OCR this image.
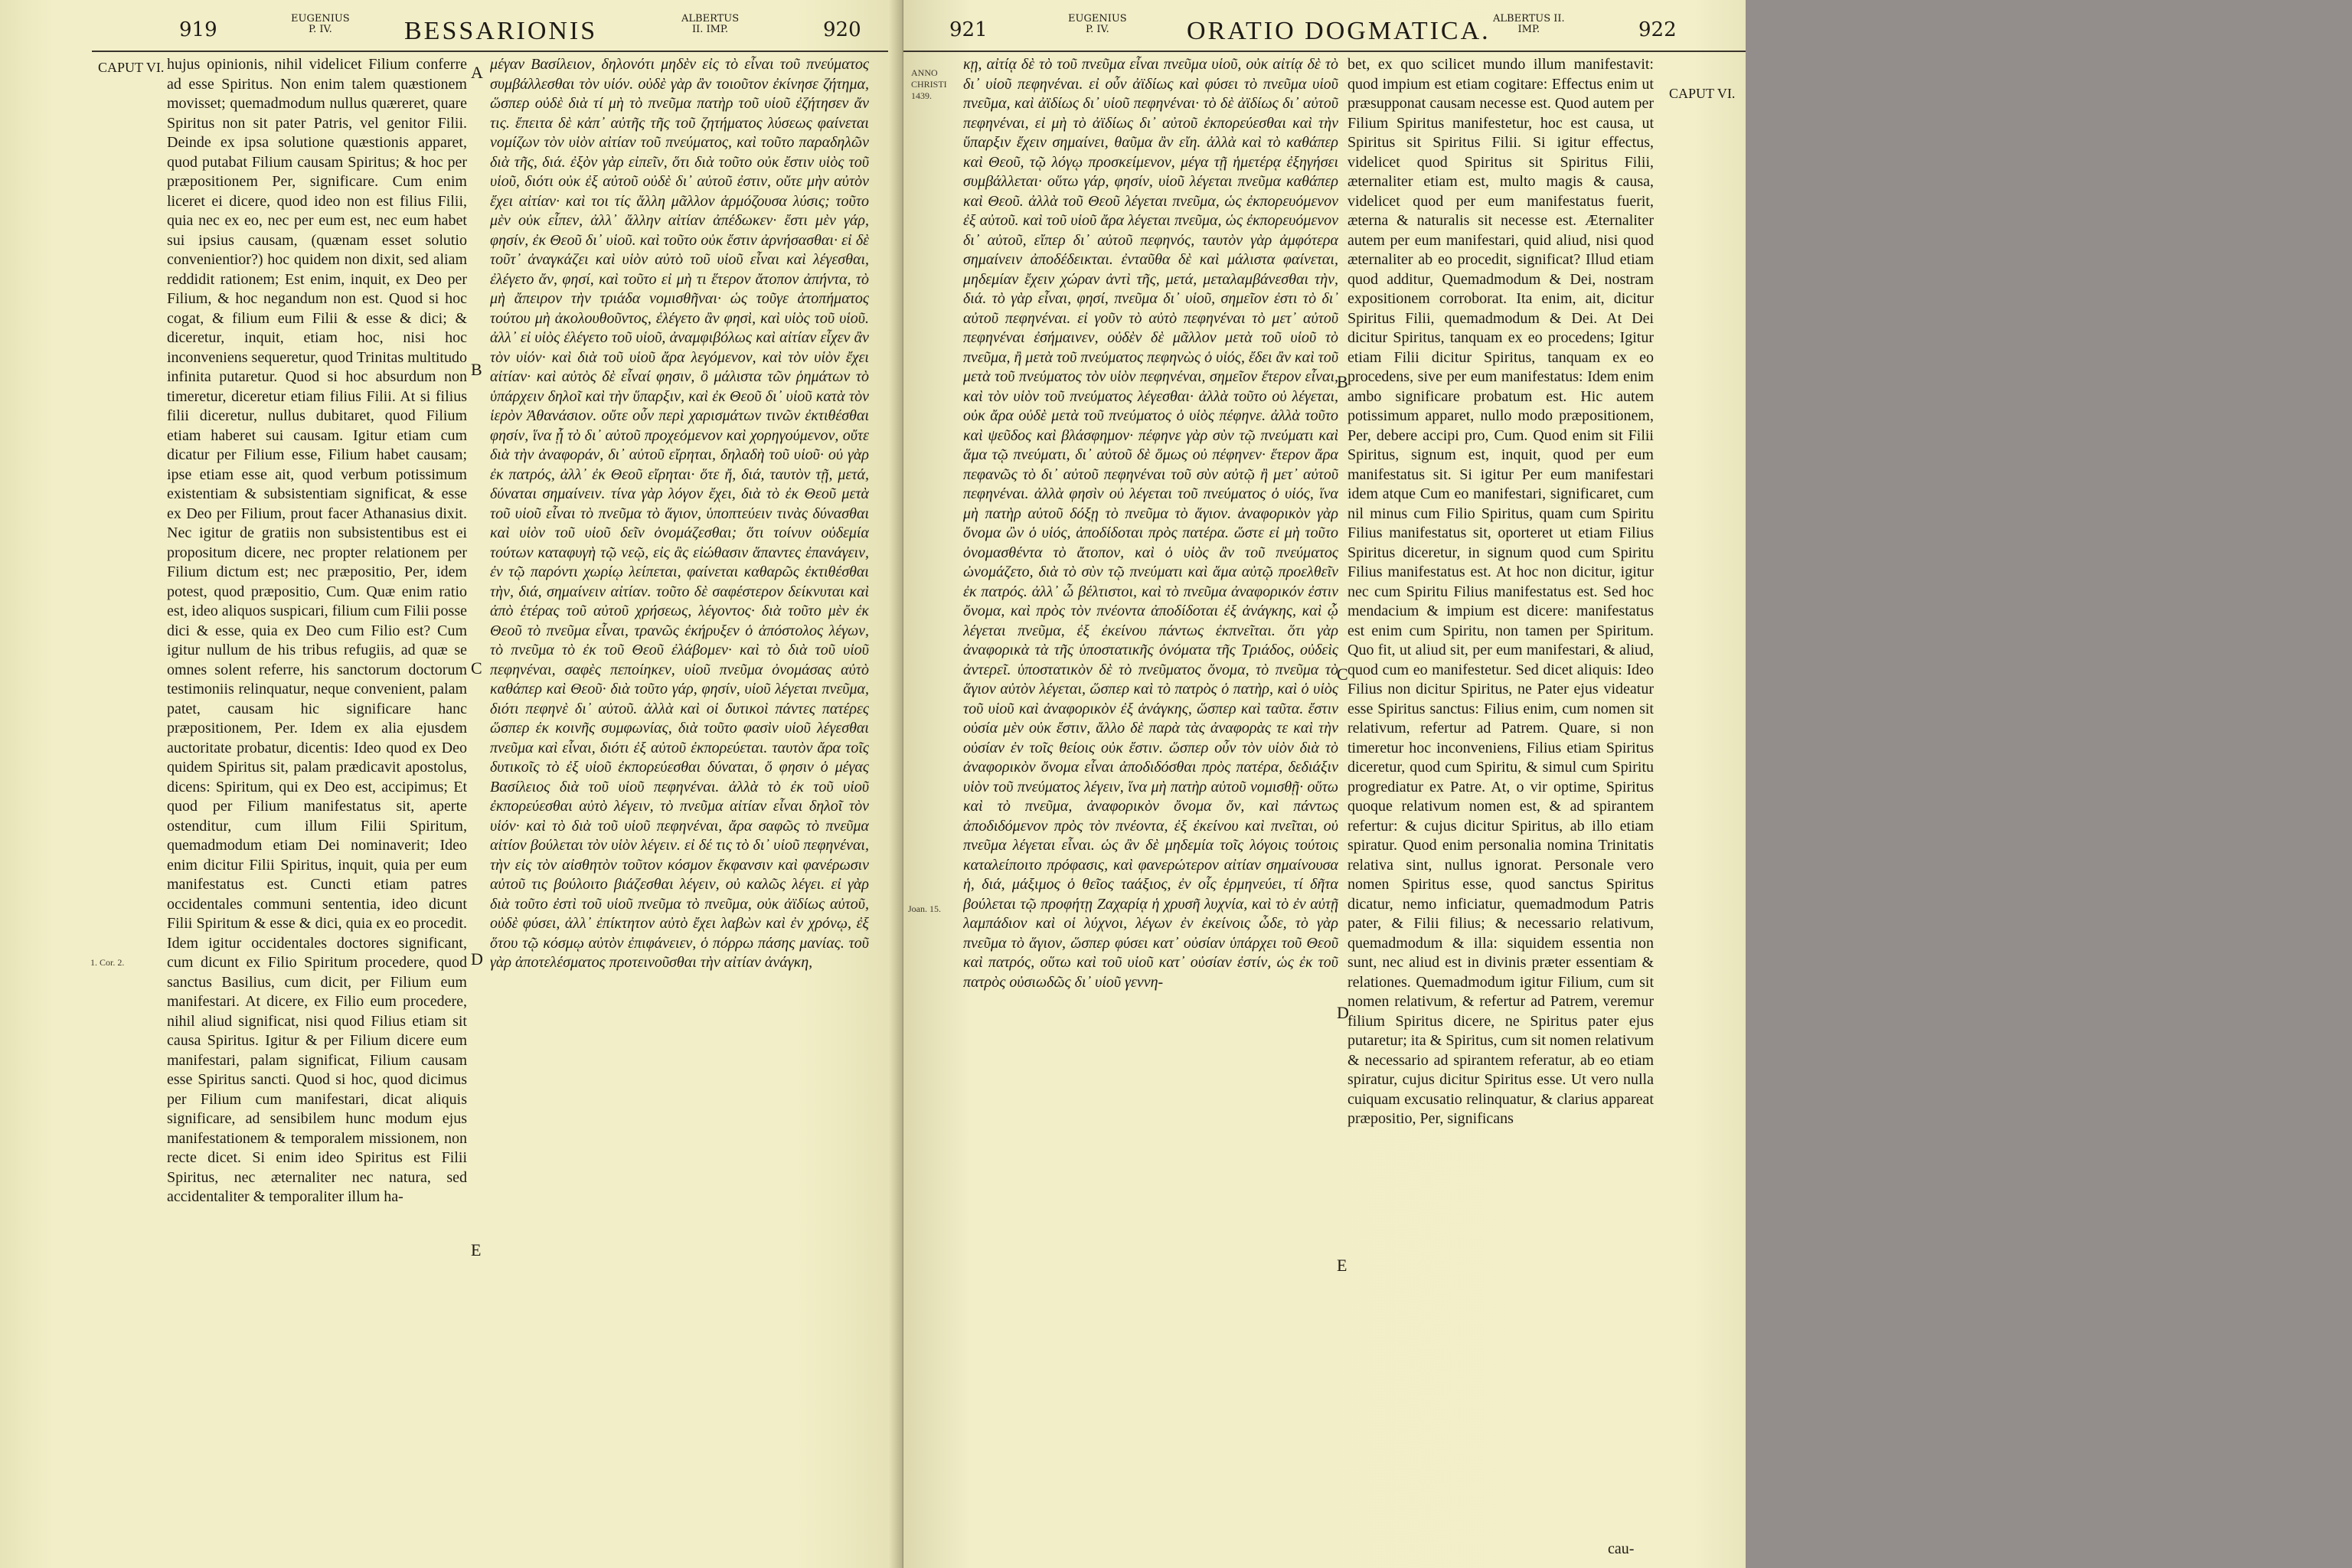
919	EUGENIUS
P. IV.	BESSARIONIS	ALBERTUS
II. IMP.	920
CAPUT VI.
1. Cor. 2.

hujus opinionis, nihil videlicet Filium conferre ad esse Spiritus. Non enim talem quæstionem movisset; quemadmodum nullus quæreret, quare Spiritus non sit pater Patris, vel genitor Filii. Deinde ex ipsa solutione quæstionis apparet, quod putabat Filium causam Spiritus; & hoc per præpositionem Per, significare. Cum enim liceret ei dicere, quod ideo non est filius Filii, quia nec ex eo, nec per eum est, nec eum habet sui ipsius causam, (quænam esset solutio convenientior?) hoc quidem non dixit, sed aliam reddidit rationem; Est enim, inquit, ex Deo per Filium, & hoc negandum non est. Quod si hoc cogat, & filium eum Filii & esse & dici; & diceretur, inquit, etiam hoc, nisi hoc inconveniens sequeretur, quod Trinitas multitudo infinita putaretur. Quod si hoc absurdum non timeretur, diceretur etiam filius Filii. At si filius filii diceretur, nullus dubitaret, quod Filium etiam haberet sui causam. Igitur etiam cum dicatur per Filium esse, Filium habet causam; ipse etiam esse ait, quod verbum potissimum existentiam & subsistentiam significat, & esse ex Deo per Filium, prout facer Athanasius dixit. Nec igitur de gratiis non subsistentibus est ei propositum dicere, nec propter relationem per Filium dictum est; nec præpositio, Per, idem potest, quod præpositio, Cum. Quæ enim ratio est, ideo aliquos suspicari, filium cum Filii posse dici & esse, quia ex Deo cum Filio est? Cum igitur nullum de his tribus refugiis, ad quæ se omnes solent referre, his sanctorum doctorum testimoniis relinquatur, neque convenient, palam patet, causam hic significare hanc præpositionem, Per. Idem ex alia ejusdem auctoritate probatur, dicentis: Ideo quod ex Deo quidem Spiritus sit, palam prædicavit apostolus, dicens: Spiritum, qui ex Deo est, accipimus; Et quod per Filium manifestatus sit, aperte ostenditur, cum illum Filii Spiritum, quemadmodum etiam Dei nominaverit; Ideo enim dicitur Filii Spiritus, inquit, quia per eum manifestatus est. Cuncti etiam patres occidentales communi sententia, ideo dicunt Filii Spiritum & esse & dici, quia ex eo procedit. Idem igitur occidentales doctores significant, cum dicunt ex Filio Spiritum procedere, quod sanctus Basilius, cum dicit, per Filium eum manifestari. At dicere, ex Filio eum procedere, nihil aliud significat, nisi quod Filius etiam sit causa Spiritus. Igitur & per Filium dicere eum manifestari, palam significat, Filium causam esse Spiritus sancti. Quod si hoc, quod dicimus per Filium cum manifestari, dicat aliquis significare, ad sensibilem hunc modum ejus manifestationem & temporalem missionem, non recte dicet. Si enim ideo Spiritus est Filii Spiritus, nec æternaliter nec natura, sed accidentaliter & temporaliter illum ha-

μέγαν Βασίλειον, δηλονότι μηδὲν εἰς τὸ εἶναι τοῦ πνεύματος συμβάλλεσθαι τὸν υἱόν. οὐδὲ γὰρ ἂν τοιοῦτον ἐκίνησε ζήτημα, ὥσπερ οὐδὲ διὰ τί μὴ τὸ πνεῦμα πατὴρ τοῦ υἱοῦ ἐζήτησεν ἄν τις. ἔπειτα δὲ κἀπ᾽ αὐτῆς τῆς τοῦ ζητήματος λύσεως φαίνεται νομίζων τὸν υἱὸν αἰτίαν τοῦ πνεύματος, καὶ τοῦτο παραδηλῶν διὰ τῆς, διά. ἐξὸν γὰρ εἰπεῖν, ὅτι διὰ τοῦτο οὐκ ἔστιν υἱὸς τοῦ υἱοῦ, διότι οὐκ ἐξ αὐτοῦ οὐδὲ δι᾽ αὐτοῦ ἐστιν, οὔτε μὴν αὐτὸν ἔχει αἰτίαν· καὶ τοι τίς ἄλλη μᾶλλον ἁρμόζουσα λύσις; τοῦτο μὲν οὐκ εἶπεν, ἀλλ᾽ ἄλλην αἰτίαν ἀπέδωκεν· ἔστι μὲν γάρ, φησίν, ἐκ Θεοῦ δι᾽ υἱοῦ. καὶ τοῦτο οὐκ ἔστιν ἀρνήσασθαι· εἰ δὲ τοῦτ᾽ ἀναγκάζει καὶ υἱὸν αὐτὸ τοῦ υἱοῦ εἶναι καὶ λέγεσθαι, ἐλέγετο ἄν, φησί, καὶ τοῦτο εἰ μὴ τι ἕτερον ἄτοπον ἀπήντα, τὸ μὴ ἄπειρον τὴν τριάδα νομισθῆναι· ὡς τοῦγε ἀτοπήματος τούτου μὴ ἀκολουθοῦντος, ἐλέγετο ἂν φησὶ, καὶ υἱὸς τοῦ υἱοῦ. ἀλλ᾽ εἰ υἱὸς ἐλέγετο τοῦ υἱοῦ, ἀναμφιβόλως καὶ αἰτίαν εἶχεν ἂν τὸν υἱόν· καὶ διὰ τοῦ υἱοῦ ἄρα λεγόμενον, καὶ τὸν υἱὸν ἔχει αἰτίαν· καὶ αὐτὸς δὲ εἶναί φησιν, ὃ μάλιστα τῶν ῥημάτων τὸ ὑπάρχειν δηλοῖ καὶ τὴν ὕπαρξιν, καὶ ἐκ Θεοῦ δι᾽ υἱοῦ κατὰ τὸν ἱερὸν Ἀθανάσιον. οὔτε οὖν περὶ χαρισμάτων τινῶν ἐκτιθέσθαι φησίν, ἵνα ᾖ τὸ δι᾽ αὐτοῦ προχεόμενον καὶ χορηγούμενον, οὔτε διὰ τὴν ἀναφοράν, δι᾽ αὐτοῦ εἴρηται, δηλαδὴ τοῦ υἱοῦ· οὐ γὰρ ἐκ πατρός, ἀλλ᾽ ἐκ Θεοῦ εἴρηται· ὅτε ἤ, διά, ταυτὸν τῇ, μετά, δύναται σημαίνειν. τίνα γὰρ λόγον ἔχει, διὰ τὸ ἐκ Θεοῦ μετὰ τοῦ υἱοῦ εἶναι τὸ πνεῦμα τὸ ἅγιον, ὑποπτεύειν τινὰς δύνασθαι καὶ υἱὸν τοῦ υἱοῦ δεῖν ὀνομάζεσθαι; ὅτι τοίνυν οὐδεμία τούτων καταφυγὴ τῷ νεῷ, εἰς ἃς εἰώθασιν ἅπαντες ἐπανάγειν, ἐν τῷ παρόντι χωρίῳ λείπεται, φαίνεται καθαρῶς ἐκτιθέσθαι τὴν, διά, σημαίνειν αἰτίαν. τοῦτο δὲ σαφέστερον δείκνυται καὶ ἀπὸ ἑτέρας τοῦ αὐτοῦ χρήσεως, λέγοντος· διὰ τοῦτο μὲν ἐκ Θεοῦ τὸ πνεῦμα εἶναι, τρανῶς ἐκήρυξεν ὁ ἀπόστολος λέγων, τὸ πνεῦμα τὸ ἐκ τοῦ Θεοῦ ἐλάβομεν· καὶ τὸ διὰ τοῦ υἱοῦ πεφηνέναι, σαφὲς πεποίηκεν, υἱοῦ πνεῦμα ὀνομάσας αὐτὸ καθάπερ καὶ Θεοῦ· διὰ τοῦτο γάρ, φησίν, υἱοῦ λέγεται πνεῦμα, διότι πεφηνὲ δι᾽ αὐτοῦ. ἀλλὰ καὶ οἱ δυτικοὶ πάντες πατέρες ὥσπερ ἐκ κοινῆς συμφωνίας, διὰ τοῦτο φασὶν υἱοῦ λέγεσθαι πνεῦμα καὶ εἶναι, διότι ἐξ αὐτοῦ ἐκπορεύεται. ταυτὸν ἄρα τοῖς δυτικοῖς τὸ ἐξ υἱοῦ ἐκπορεύεσθαι δύναται, ὅ φησιν ὁ μέγας Βασίλειος διὰ τοῦ υἱοῦ πεφηνέναι. ἀλλὰ τὸ ἐκ τοῦ υἱοῦ ἐκπορεύεσθαι αὐτὸ λέγειν, τὸ πνεῦμα αἰτίαν εἶναι δηλοῖ τὸν υἱόν· καὶ τὸ διὰ τοῦ υἱοῦ πεφηνέναι, ἄρα σαφῶς τὸ πνεῦμα αἰτίον βούλεται τὸν υἱὸν λέγειν. εἰ δέ τις τὸ δι᾽ υἱοῦ πεφηνέναι, τὴν εἰς τὸν αἰσθητὸν τοῦτον κόσμον ἔκφανσιν καὶ φανέρωσιν αὐτοῦ τις βούλοιτο βιάζεσθαι λέγειν, οὐ καλῶς λέγει. εἰ γὰρ διὰ τοῦτο ἐστὶ τοῦ υἱοῦ πνεῦμα τὸ πνεῦμα, οὐκ ἀϊδίως αὐτοῦ, οὐδὲ φύσει, ἀλλ᾽ ἐπίκτητον αὐτὸ ἔχει λαβὼν καὶ ἐν χρόνῳ, ἐξ ὅτου τῷ κόσμῳ αὐτὸν ἐπιφάνειεν, ὁ πόρρω πάσης μανίας. τοῦ γὰρ ἀποτελέσματος προτεινοῦσθαι τὴν αἰτίαν ἀνάγκη,

A
B
C
D
E
921	EUGENIUS
P. IV.	ORATIO DOGMATICA. ALBERTUS II.
IMP.	922
ANNO
CHRISTI
1439.
Joan. 15.

κῃ, αἰτίᾳ δὲ τὸ τοῦ πνεῦμα εἶναι πνεῦμα υἱοῦ, οὐκ αἰτίᾳ δὲ τὸ δι᾽ υἱοῦ πεφηνέναι. εἰ οὖν ἀϊδίως καὶ φύσει τὸ πνεῦμα υἱοῦ πνεῦμα, καὶ ἀϊδίως δι᾽ υἱοῦ πεφηνέναι· τὸ δὲ ἀϊδίως δι᾽ αὐτοῦ πεφηνέναι, εἰ μὴ τὸ ἀϊδίως δι᾽ αὐτοῦ ἐκπορεύεσθαι καὶ τὴν ὕπαρξιν ἔχειν σημαίνει, θαῦμα ἂν εἴη. ἀλλὰ καὶ τὸ καθάπερ καὶ Θεοῦ, τῷ λόγῳ προσκείμενον, μέγα τῇ ἡμετέρᾳ ἐξηγήσει συμβάλλεται· οὕτω γάρ, φησίν, υἱοῦ λέγεται πνεῦμα καθάπερ καὶ Θεοῦ. ἀλλὰ τοῦ Θεοῦ λέγεται πνεῦμα, ὡς ἐκπορευόμενον ἐξ αὐτοῦ. καὶ τοῦ υἱοῦ ἄρα λέγεται πνεῦμα, ὡς ἐκπορευόμενον δι᾽ αὐτοῦ, εἴπερ δι᾽ αὐτοῦ πεφηνός, ταυτὸν γὰρ ἀμφότερα σημαίνειν ἀποδέδεικται. ἐνταῦθα δὲ καὶ μάλιστα φαίνεται, μηδεμίαν ἔχειν χώραν ἀντὶ τῆς, μετά, μεταλαμβάνεσθαι τὴν, διά. τὸ γὰρ εἶναι, φησί, πνεῦμα δι᾽ υἱοῦ, σημεῖον ἐστι τὸ δι᾽ αὐτοῦ πεφηνέναι. εἰ γοῦν τὸ αὐτὸ πεφηνέναι τὸ μετ᾽ αὐτοῦ πεφηνέναι ἐσήμαινεν, οὐδὲν δὲ μᾶλλον μετὰ τοῦ υἱοῦ τὸ πνεῦμα, ἢ μετὰ τοῦ πνεύματος πεφηνὼς ὁ υἱός, ἔδει ἂν καὶ τοῦ μετὰ τοῦ πνεύματος τὸν υἱὸν πεφηνέναι, σημεῖον ἕτερον εἶναι, καὶ τὸν υἱὸν τοῦ πνεύματος λέγεσθαι· ἀλλὰ τοῦτο οὐ λέγεται, οὐκ ἄρα οὐδὲ μετὰ τοῦ πνεύματος ὁ υἱὸς πέφηνε. ἀλλὰ τοῦτο καὶ ψεῦδος καὶ βλάσφημον· πέφηνε γὰρ σὺν τῷ πνεύματι καὶ ἅμα τῷ πνεύματι, δι᾽ αὐτοῦ δὲ ὅμως οὐ πέφηνεν· ἕτερον ἄρα πεφανῶς τὸ δι᾽ αὐτοῦ πεφηνέναι τοῦ σὺν αὐτῷ ἢ μετ᾽ αὐτοῦ πεφηνέναι. ἀλλὰ φησὶν οὐ λέγεται τοῦ πνεύματος ὁ υἱός, ἵνα μὴ πατὴρ αὐτοῦ δόξῃ τὸ πνεῦμα τὸ ἅγιον. ἀναφορικὸν γὰρ ὄνομα ὢν ὁ υἱός, ἀποδίδοται πρὸς πατέρα. ὥστε εἰ μὴ τοῦτο ὀνομασθέντα τὸ ἄτοπον, καὶ ὁ υἱὸς ἂν τοῦ πνεύματος ὠνομάζετο, διὰ τὸ σὺν τῷ πνεύματι καὶ ἅμα αὐτῷ προελθεῖν ἐκ πατρός. ἀλλ᾽ ὦ βέλτιστοι, καὶ τὸ πνεῦμα ἀναφορικόν ἐστιν ὄνομα, καὶ πρὸς τὸν πνέοντα ἀποδίδοται ἐξ ἀνάγκης, καὶ ᾧ λέγεται πνεῦμα, ἐξ ἐκείνου πάντως ἐκπνεῖται. ὅτι γὰρ ἀναφορικὰ τὰ τῆς ὑποστατικῆς ὀνόματα τῆς Τριάδος, οὐδεὶς ἀντερεῖ. ὑποστατικὸν δὲ τὸ πνεῦματος ὄνομα, τὸ πνεῦμα τὸ ἅγιον αὐτὸν λέγεται, ὥσπερ καὶ τὸ πατρὸς ὁ πατὴρ, καὶ ὁ υἱὸς τοῦ υἱοῦ καὶ ἀναφορικὸν ἐξ ἀνάγκης, ὥσπερ καὶ ταῦτα. ἔστιν οὐσία μὲν οὐκ ἔστιν, ἄλλο δὲ παρὰ τὰς ἀναφορὰς τε καὶ τὴν οὐσίαν ἐν τοῖς θείοις οὐκ ἔστιν. ὥσπερ οὖν τὸν υἱὸν διὰ τὸ ἀναφορικὸν ὄνομα εἶναι ἀποδιδόσθαι πρὸς πατέρα, δεδιάξιν υἱὸν τοῦ πνεύματος λέγειν, ἵνα μὴ πατὴρ αὐτοῦ νομισθῇ· οὕτω καὶ τὸ πνεῦμα, ἀναφορικὸν ὄνομα ὄν, καὶ πάντως ἀποδιδόμενον πρὸς τὸν πνέοντα, ἐξ ἐκείνου καὶ πνεῖται, οὐ πνεῦμα λέγεται εἶναι. ὡς ἂν δὲ μηδεμία τοῖς λόγοις τούτοις καταλείποιτο πρόφασις, καὶ φανερώτερον αἰτίαν σημαίνουσα ἡ, διά, μάξιμος ὁ θεῖος ταάξιος, ἐν οἷς ἑρμηνεύει, τί δῆτα βούλεται τῷ προφήτῃ Ζαχαρίᾳ ἡ χρυσῆ λυχνία, καὶ τὸ ἐν αὐτῇ λαμπάδιον καὶ οἱ λύχνοι, λέγων ἐν ἐκείνοις ὧδε, τὸ γὰρ πνεῦμα τὸ ἅγιον, ὥσπερ φύσει κατ᾽ οὐσίαν ὑπάρχει τοῦ Θεοῦ καὶ πατρός, οὕτω καὶ τοῦ υἱοῦ κατ᾽ οὐσίαν ἐστίν, ὡς ἐκ τοῦ πατρὸς οὐσιωδῶς δι᾽ υἱοῦ γεννη-

bet, ex quo scilicet mundo illum manifestavit: quod impium est etiam cogitare: Effectus enim ut præsupponat causam necesse est. Quod autem per Filium Spiritus manifestetur, hoc est causa, ut Spiritus sit Spiritus Filii. Si igitur effectus, videlicet quod Spiritus sit Spiritus Filii, æternaliter etiam est, multo magis & causa, videlicet quod per eum manifestatus fuerit, æterna & naturalis sit necesse est. Æternaliter autem per eum manifestari, quid aliud, nisi quod æternaliter ab eo procedit, significat? Illud etiam quod additur, Quemadmodum & Dei, nostram expositionem corroborat. Ita enim, ait, dicitur Spiritus Filii, quemadmodum & Dei. At Dei dicitur Spiritus, tanquam ex eo procedens; Igitur etiam Filii dicitur Spiritus, tanquam ex eo procedens, sive per eum manifestatus: Idem enim ambo significare probatum est. Hic autem potissimum apparet, nullo modo præpositionem, Per, debere accipi pro, Cum. Quod enim sit Filii Spiritus, signum est, inquit, quod per eum manifestatus sit. Si igitur Per eum manifestari idem atque Cum eo manifestari, significaret, cum nil minus cum Filio Spiritus, quam cum Spiritu Filius manifestatus sit, oporteret ut etiam Filius Spiritus diceretur, in signum quod cum Spiritu Filius manifestatus est. At hoc non dicitur, igitur nec cum Spiritu Filius manifestatus est. Sed hoc mendacium & impium est dicere: manifestatus est enim cum Spiritu, non tamen per Spiritum. Quo fit, ut aliud sit, per eum manifestari, & aliud, quod cum eo manifestetur. Sed dicet aliquis: Ideo Filius non dicitur Spiritus, ne Pater ejus videatur esse Spiritus sanctus: Filius enim, cum nomen sit relativum, refertur ad Patrem. Quare, si non timeretur hoc inconveniens, Filius etiam Spiritus diceretur, quod cum Spiritu, & simul cum Spiritu progrediatur ex Patre. At, o vir optime, Spiritus quoque relativum nomen est, & ad spirantem refertur: & cujus dicitur Spiritus, ab illo etiam spiratur. Quod enim personalia nomina Trinitatis relativa sint, nullus ignorat. Personale vero nomen Spiritus esse, quod sanctus Spiritus dicatur, nemo inficiatur, quemadmodum Patris pater, & Filii filius; & necessario relativum, quemadmodum & illa: siquidem essentia non sunt, nec aliud est in divinis præter essentiam & relationes. Quemadmodum igitur Filium, cum sit nomen relativum, & refertur ad Patrem, veremur filium Spiritus dicere, ne Spiritus pater ejus putaretur; ita & Spiritus, cum sit nomen relativum & necessario ad spirantem referatur, ab eo etiam spiratur, cujus dicitur Spiritus esse. Ut vero nulla cuiquam excusatio relinquatur, & clarius appareat præpositio, Per, significans

CAPUT VI.
B
C
D
E
cau-
